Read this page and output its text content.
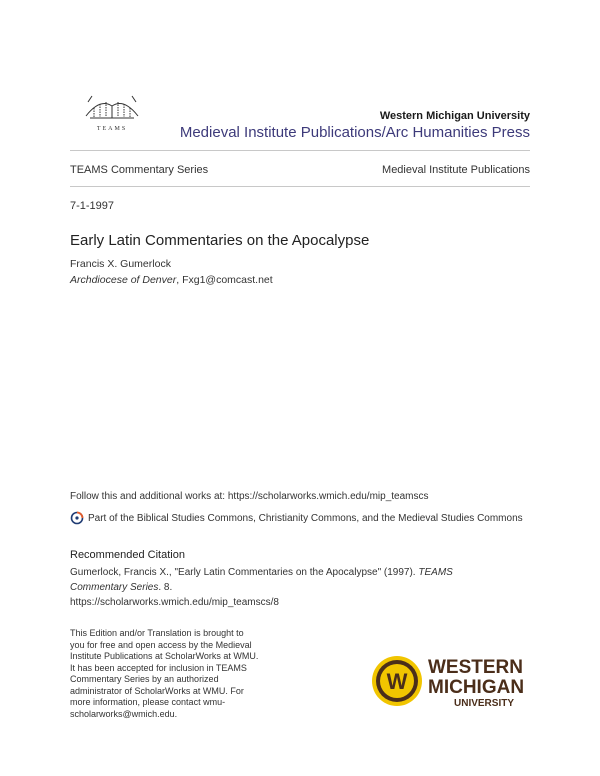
TEAMS
Western Michigan University
Medieval Institute Publications/Arc Humanities Press
TEAMS Commentary Series	Medieval Institute Publications
7-1-1997
Early Latin Commentaries on the Apocalypse
Francis X. Gumerlock
Archdiocese of Denver, Fxg1@comcast.net
Follow this and additional works at: https://scholarworks.wmich.edu/mip_teamscs
Part of the Biblical Studies Commons, Christianity Commons, and the Medieval Studies Commons
Recommended Citation
Gumerlock, Francis X., "Early Latin Commentaries on the Apocalypse" (1997). TEAMS Commentary Series. 8.
https://scholarworks.wmich.edu/mip_teamscs/8
This Edition and/or Translation is brought to you for free and open access by the Medieval Institute Publications at ScholarWorks at WMU. It has been accepted for inclusion in TEAMS Commentary Series by an authorized administrator of ScholarWorks at WMU. For more information, please contact wmu-scholarworks@wmich.edu.
W
WESTERN
MICHIGAN
UNIVERSITY
